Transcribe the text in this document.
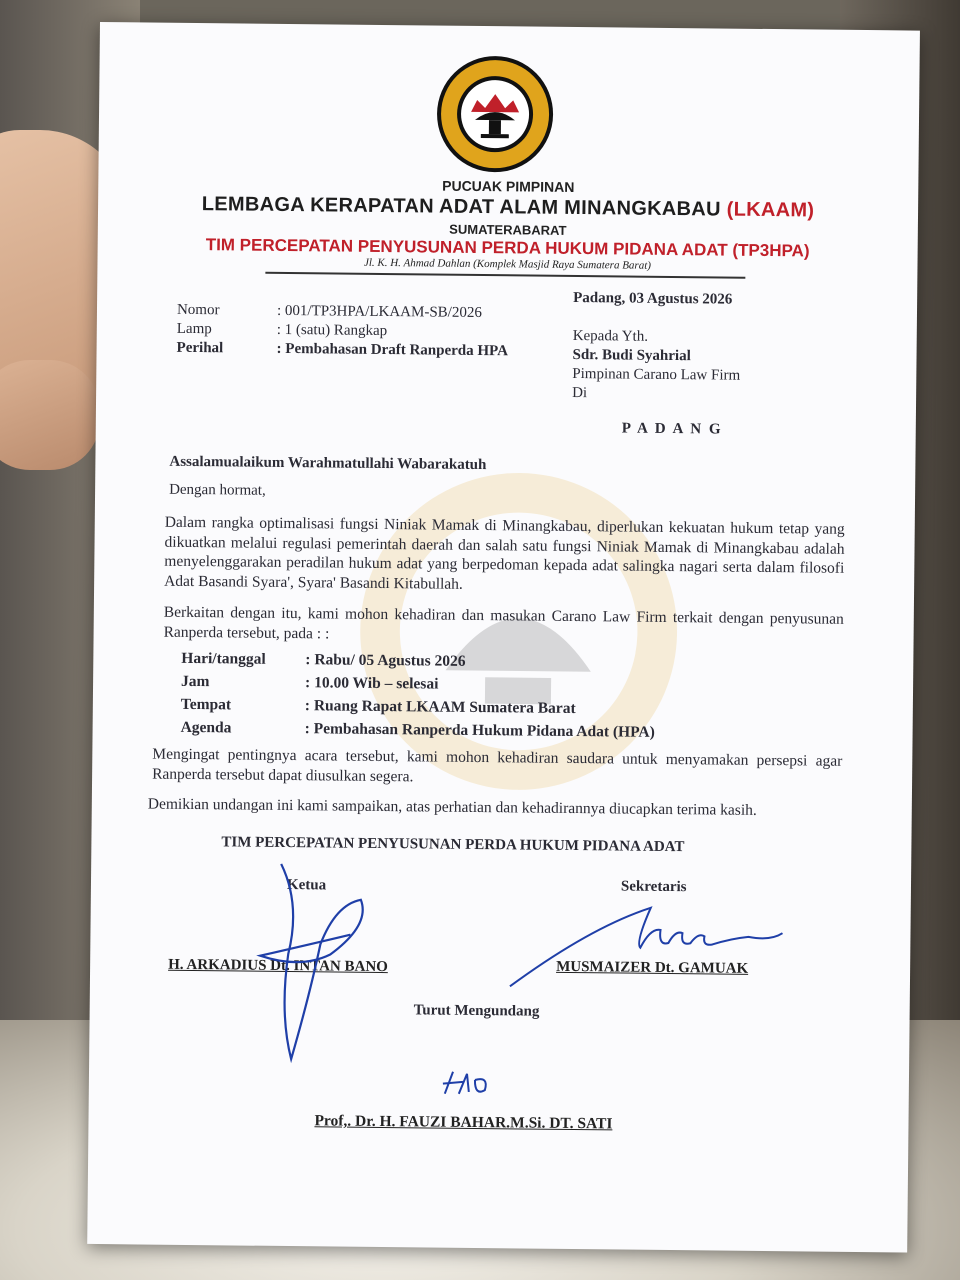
PUCUAK PIMPINAN
LEMBAGA KERAPATAN ADAT ALAM MINANGKABAU (LKAAM)
SUMATERABARAT
TIM PERCEPATAN PENYUSUNAN PERDA HUKUM PIDANA ADAT (TP3HPA)
Jl. K. H. Ahmad Dahlan (Komplek Masjid Raya Sumatera Barat)
Nomor	: 001/TP3HPA/LKAAM-SB/2026
Lamp	: 1 (satu) Rangkap
Perihal	: Pembahasan Draft Ranperda HPA
Padang, 03 Agustus 2026
Kepada Yth.
Sdr. Budi Syahrial
Pimpinan Carano Law Firm
Di
P A D A N G
Assalamualaikum Warahmatullahi Wabarakatuh
Dengan hormat,
Dalam rangka optimalisasi fungsi Niniak Mamak di Minangkabau, diperlukan kekuatan hukum tetap yang dikuatkan melalui regulasi pemerintah daerah dan salah satu fungsi Niniak Mamak di Minangkabau adalah menyelenggarakan peradilan hukum adat yang berpedoman kepada adat salingka nagari serta dalam filosofi Adat Basandi Syara', Syara' Basandi Kitabullah.
Berkaitan dengan itu, kami mohon kehadiran dan masukan Carano Law Firm terkait dengan penyusunan Ranperda tersebut, pada : :
Hari/tanggal	: Rabu/ 05 Agustus 2026
Jam	: 10.00 Wib – selesai
Tempat	: Ruang Rapat LKAAM Sumatera Barat
Agenda	: Pembahasan Ranperda Hukum Pidana Adat (HPA)
Mengingat pentingnya acara tersebut, kami mohon kehadiran saudara untuk menyamakan persepsi agar Ranperda tersebut dapat diusulkan segera.
Demikian undangan ini kami sampaikan, atas perhatian dan kehadirannya diucapkan terima kasih.
TIM PERCEPATAN PENYUSUNAN PERDA HUKUM PIDANA ADAT
Ketua	Sekretaris
H. ARKADIUS Dt. INTAN BANO	MUSMAIZER Dt. GAMUAK
Turut Mengundang
Prof,. Dr. H. FAUZI BAHAR.M.Si. DT. SATI
